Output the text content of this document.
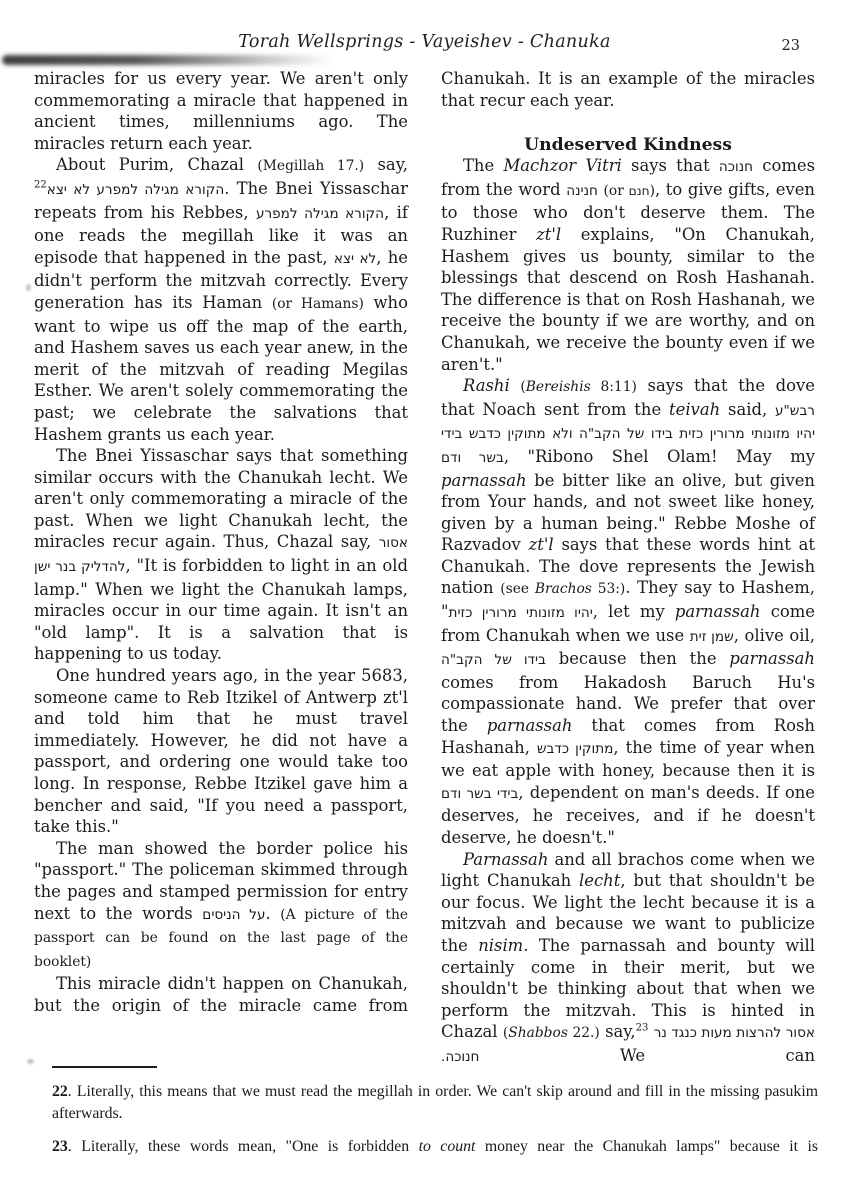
Torah Wellsprings - Vayeishev - Chanuka	23

miracles for us every year. We aren't only commemorating a miracle that happened in ancient times, millenniums ago. The miracles return each year.

About Purim, Chazal (Megillah 17.) say, $^{22}$הקורא מגילה למפרע לא יצא. The Bnei Yissaschar repeats from his Rebbes, הקורא מגילה למפרע, if one reads the megillah like it was an episode that happened in the past, לא יצא, he didn't perform the mitzvah correctly. Every generation has its Haman (or Hamans) who want to wipe us off the map of the earth, and Hashem saves us each year anew, in the merit of the mitzvah of reading Megilas Esther. We aren't solely commemorating the past; we celebrate the salvations that Hashem grants us each year.

The Bnei Yissaschar says that something similar occurs with the Chanukah lecht. We aren't only commemorating a miracle of the past. When we light Chanukah lecht, the miracles recur again. Thus, Chazal say, אסור להדליק בנר ישן, "It is forbidden to light in an old lamp." When we light the Chanukah lamps, miracles occur in our time again. It isn't an "old lamp". It is a salvation that is happening to us today.

One hundred years ago, in the year 5683, someone came to Reb Itzikel of Antwerp zt'l and told him that he must travel immediately. However, he did not have a passport, and ordering one would take too long. In response, Rebbe Itzikel gave him a bencher and said, "If you need a passport, take this."

The man showed the border police his "passport." The policeman skimmed through the pages and stamped permission for entry next to the words על הניסים. (A picture of the passport can be found on the last page of the booklet)

This miracle didn't happen on Chanukah, but the origin of the miracle came from

Chanukah. It is an example of the miracles that recur each year.

Undeserved Kindness

The Machzor Vitri says that חנוכה comes from the word חנינה (or חנם), to give gifts, even to those who don't deserve them. The Ruzhiner zt'l explains, "On Chanukah, Hashem gives us bounty, similar to the blessings that descend on Rosh Hashanah. The difference is that on Rosh Hashanah, we receive the bounty if we are worthy, and on Chanukah, we receive the bounty even if we aren't."

Rashi (Bereishis 8:11) says that the dove that Noach sent from the teivah said, רבש"ע יהיו מזונותי מרורין כזית בידו של הקב"ה ולא מתוקין כדבש בידי בשר ודם, "Ribono Shel Olam! May my parnassah be bitter like an olive, but given from Your hands, and not sweet like honey, given by a human being." Rebbe Moshe of Razvadov zt'l says that these words hint at Chanukah. The dove represents the Jewish nation (see Brachos 53:). They say to Hashem, "יהיו מזונותי מרורין כזית, let my parnassah come from Chanukah when we use שמן זית, olive oil, בידו של הקב"ה because then the parnassah comes from Hakadosh Baruch Hu's compassionate hand. We prefer that over the parnassah that comes from Rosh Hashanah, מתוקין כדבש, the time of year when we eat apple with honey, because then it is בידי בשר ודם, dependent on man's deeds. If one deserves, he receives, and if he doesn't deserve, he doesn't."

Parnassah and all brachos come when we light Chanukah lecht, but that shouldn't be our focus. We light the lecht because it is a mitzvah and because we want to publicize the nisim. The parnassah and bounty will certainly come in their merit, but we shouldn't be thinking about that when we perform the mitzvah. This is hinted in Chazal (Shabbos 22.) say,$^{23}$ אסור להרצות מעות כנגד נר חנוכה. We can

22. Literally, this means that we must read the megillah in order. We can't skip around and fill in the missing pasukim afterwards.

23. Literally, these words mean, "One is forbidden to count money near the Chanukah lamps" because it is
